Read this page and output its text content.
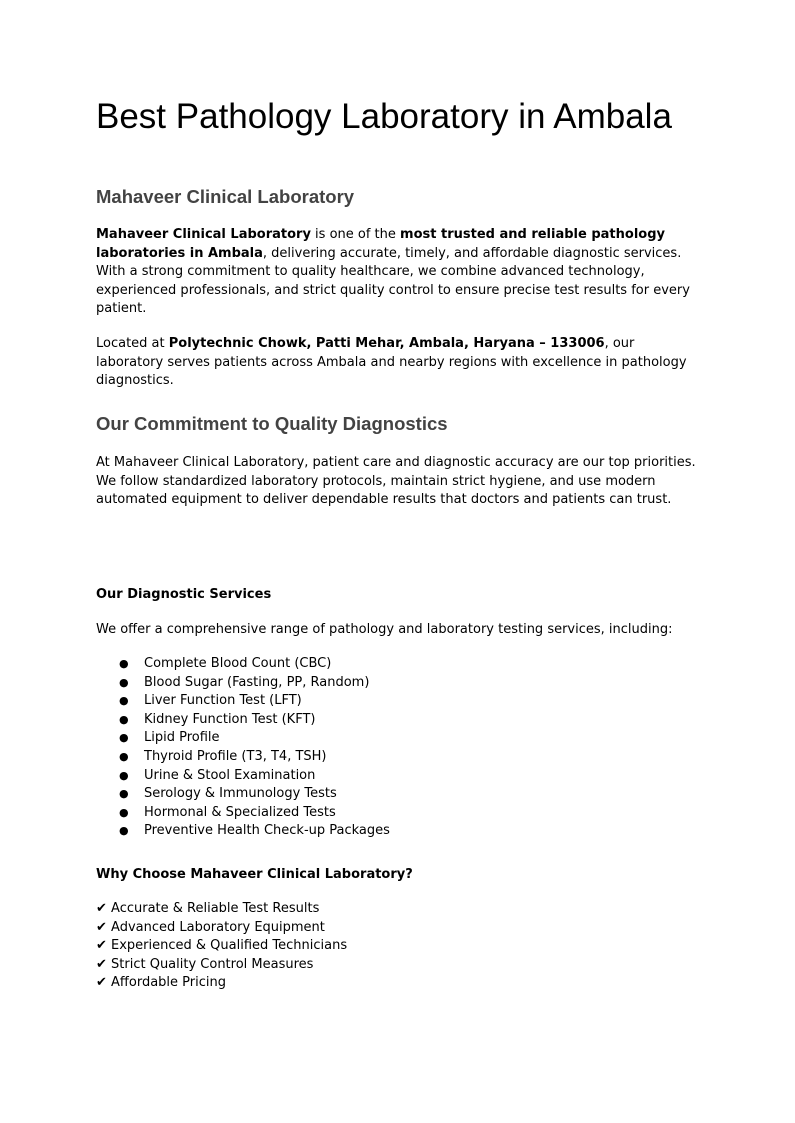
Best Pathology Laboratory in Ambala
Mahaveer Clinical Laboratory

Mahaveer Clinical Laboratory is one of the most trusted and reliable pathology laboratories in Ambala, delivering accurate, timely, and affordable diagnostic services. With a strong commitment to quality healthcare, we combine advanced technology, experienced professionals, and strict quality control to ensure precise test results for every patient.

Located at Polytechnic Chowk, Patti Mehar, Ambala, Haryana – 133006, our laboratory serves patients across Ambala and nearby regions with excellence in pathology diagnostics.

Our Commitment to Quality Diagnostics

At Mahaveer Clinical Laboratory, patient care and diagnostic accuracy are our top priorities. We follow standardized laboratory protocols, maintain strict hygiene, and use modern automated equipment to deliver dependable results that doctors and patients can trust.

Our Diagnostic Services

We offer a comprehensive range of pathology and laboratory testing services, including:

● Complete Blood Count (CBC)
● Blood Sugar (Fasting, PP, Random)
● Liver Function Test (LFT)
● Kidney Function Test (KFT)
● Lipid Profile
● Thyroid Profile (T3, T4, TSH)
● Urine & Stool Examination
● Serology & Immunology Tests
● Hormonal & Specialized Tests
● Preventive Health Check-up Packages
Why Choose Mahaveer Clinical Laboratory?
✔ Accurate & Reliable Test Results
✔ Advanced Laboratory Equipment
✔ Experienced & Qualified Technicians
✔ Strict Quality Control Measures
✔ Affordable Pricing
